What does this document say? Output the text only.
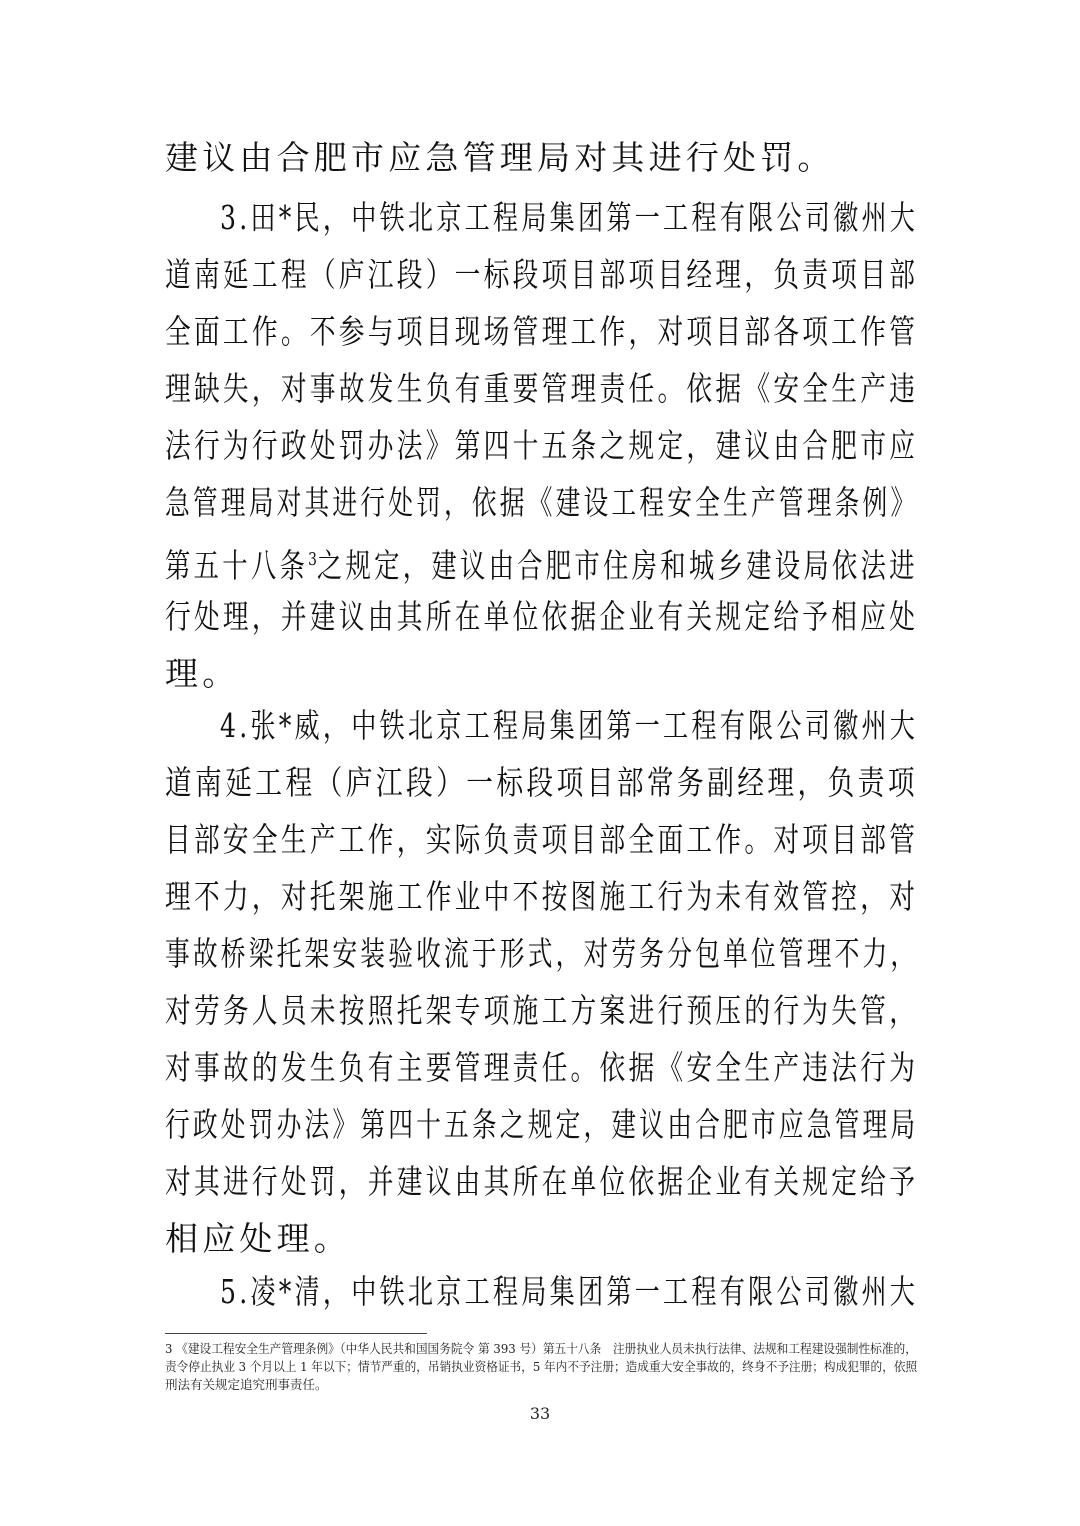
建议由合肥市应急管理局对其进行处罚。
3.田*民，中铁北京工程局集团第一工程有限公司徽州大
道南延工程（庐江段）一标段项目部项目经理，负责项目部
全面工作。不参与项目现场管理工作，对项目部各项工作管
理缺失，对事故发生负有重要管理责任。依据《安全生产违
法行为行政处罚办法》第四十五条之规定，建议由合肥市应
急管理局对其进行处罚，依据《建设工程安全生产管理条例》
第五十八条$^3$之规定，建议由合肥市住房和城乡建设局依法进
行处理，并建议由其所在单位依据企业有关规定给予相应处
理。
4.张*威，中铁北京工程局集团第一工程有限公司徽州大
道南延工程（庐江段）一标段项目部常务副经理，负责项
目部安全生产工作，实际负责项目部全面工作。对项目部管
理不力，对托架施工作业中不按图施工行为未有效管控，对
事故桥梁托架安装验收流于形式，对劳务分包单位管理不力，
对劳务人员未按照托架专项施工方案进行预压的行为失管，
对事故的发生负有主要管理责任。依据《安全生产违法行为
行政处罚办法》第四十五条之规定，建议由合肥市应急管理局
对其进行处罚，并建议由其所在单位依据企业有关规定给予
相应处理。
5.凌*清，中铁北京工程局集团第一工程有限公司徽州大
3 《建设工程安全生产管理条例》（中华人民共和国国务院令 第 393 号）第五十八条　注册执业人员未执行法律、法规和工程建设强制性标准的，
责令停止执业 3 个月以上 1 年以下；情节严重的，吊销执业资格证书，5 年内不予注册；造成重大安全事故的，终身不予注册；构成犯罪的，依照
刑法有关规定追究刑事责任。
33
